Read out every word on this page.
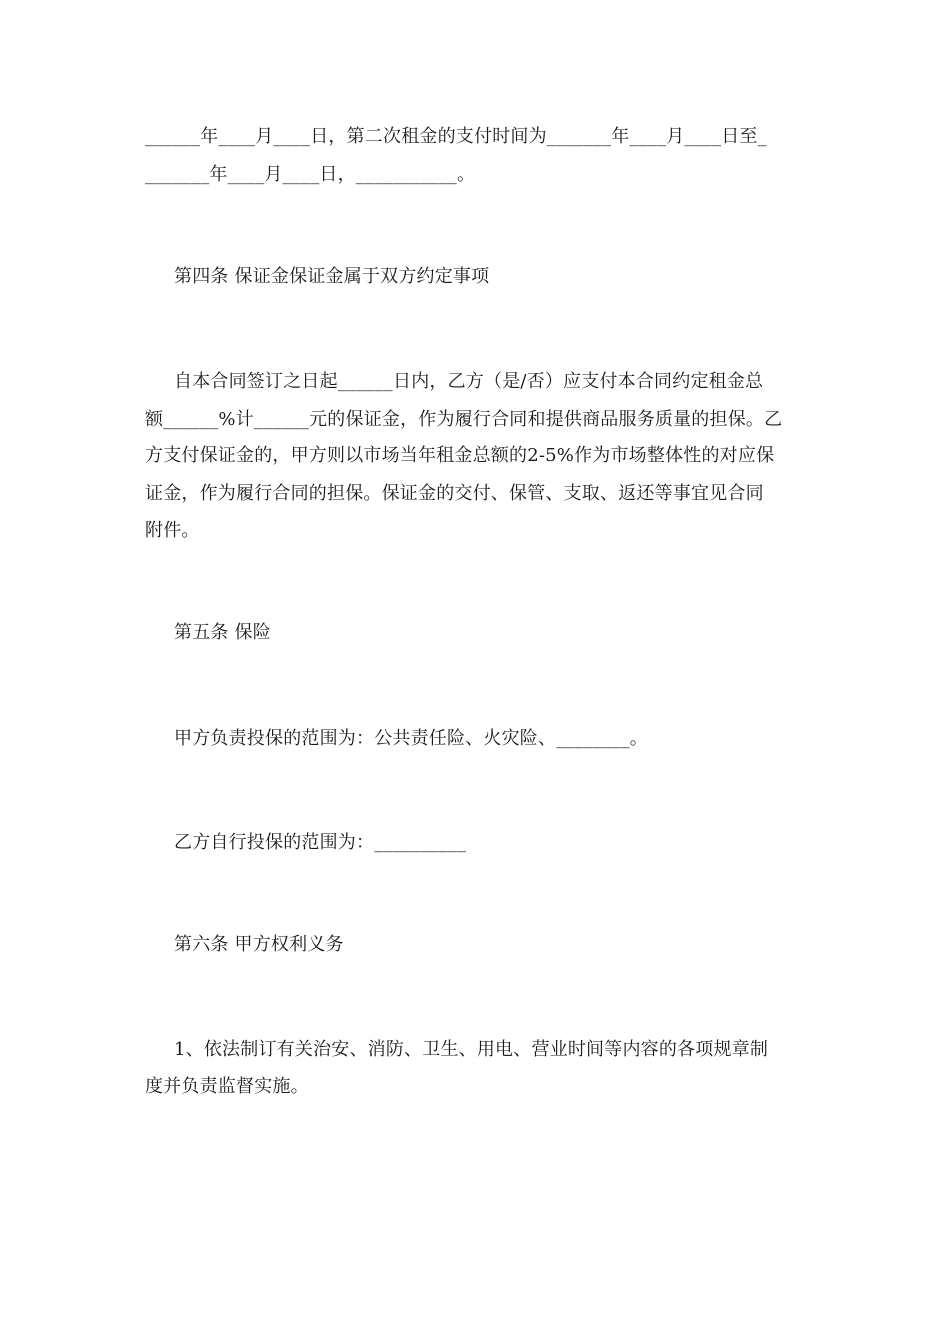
______年____月____日，第二次租金的支付时间为_______年____月____日至_
_______年____月____日，___________。
第四条 保证金保证金属于双方约定事项
自本合同签订之日起______日内，乙方（是/否）应支付本合同约定租金总
额______%计______元的保证金，作为履行合同和提供商品服务质量的担保。乙
方支付保证金的，甲方则以市场当年租金总额的2-5%作为市场整体性的对应保
证金，作为履行合同的担保。保证金的交付、保管、支取、返还等事宜见合同
附件。
第五条 保险
甲方负责投保的范围为：公共责任险、火灾险、________。
乙方自行投保的范围为：__________
第六条 甲方权利义务
1、依法制订有关治安、消防、卫生、用电、营业时间等内容的各项规章制
度并负责监督实施。
